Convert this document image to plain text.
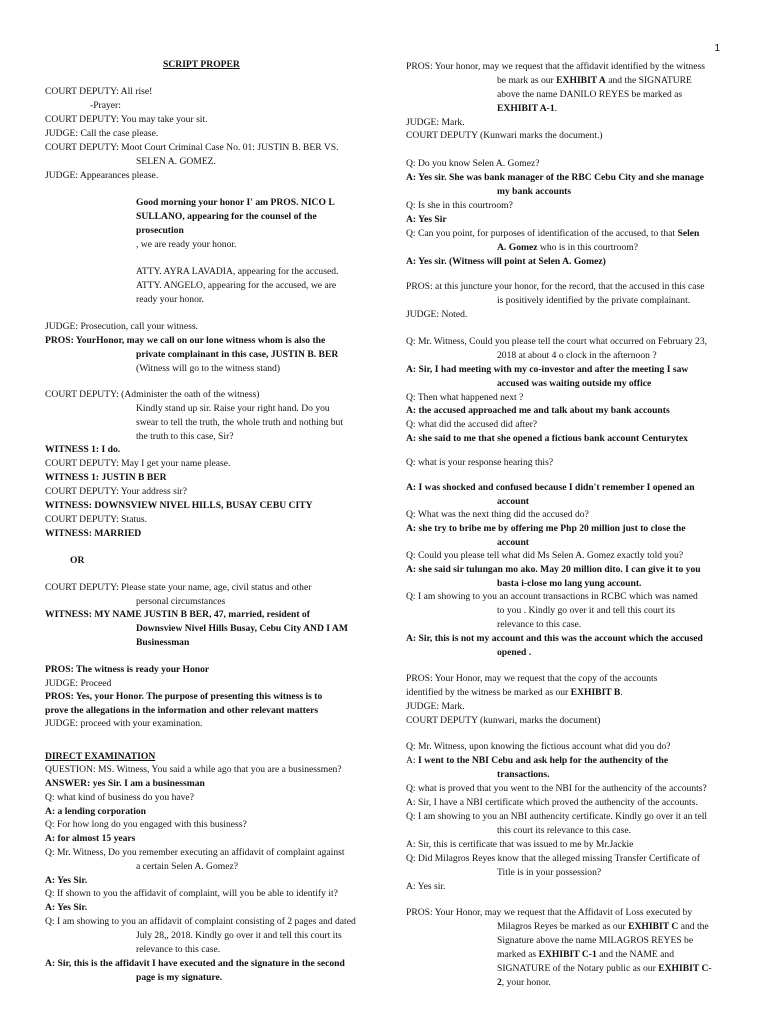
1
SCRIPT PROPER
COURT DEPUTY: All rise!
-Prayer:
COURT DEPUTY: You may take your sit.
JUDGE: Call the case please.
COURT DEPUTY: Moot Court Criminal Case No. 01: JUSTIN B. BER VS.
SELEN A. GOMEZ.
JUDGE: Appearances please.
Good morning your honor I' am PROS. NICO L
SULLANO, appearing for the counsel of the
prosecution
, we are ready your honor.
ATTY. AYRA LAVADIA, appearing for the accused.
ATTY. ANGELO, appearing for the accused, we are
ready your honor.
JUDGE: Prosecution, call your witness.
PROS: YourHonor, may we call on our lone witness whom is also the
private complainant in this case, JUSTIN B. BER
(Witness will go to the witness stand)
COURT DEPUTY: (Administer the oath of the witness)
Kindly stand up sir. Raise your right hand. Do you
swear to tell the truth, the whole truth and nothing but
the truth to this case, Sir?
WITNESS 1: I do.
COURT DEPUTY: May I get your name please.
WITNESS 1: JUSTIN B BER
COURT DEPUTY: Your address sir?
WITNESS: DOWNSVIEW NIVEL HILLS, BUSAY CEBU CITY
COURT DEPUTY: Status.
WITNESS: MARRIED
OR
COURT DEPUTY: Please state your name, age, civil status and other
personal circumstances
WITNESS: MY NAME JUSTIN B BER, 47, married, resident of
Downsview Nivel Hills Busay, Cebu City AND I AM
Businessman
PROS: The witness is ready your Honor
JUDGE: Proceed
PROS: Yes, your Honor. The purpose of presenting this witness is to
prove the allegations in the information and other relevant matters
JUDGE: proceed with your examination.
DIRECT EXAMINATION
QUESTION: MS. Witness, You said a while ago that you are a businessmen?
ANSWER: yes Sir. I am a businessman
Q: what kind of business do you have?
A: a lending corporation
Q: For how long do you engaged with this business?
A: for almost 15 years
Q: Mr. Witness, Do you remember executing an affidavit of complaint against
a certain Selen A. Gomez?
A: Yes Sir.
Q: If shown to you the affidavit of complaint, will you be able to identify it?
A: Yes Sir.
Q: I am showing to you an affidavit of complaint consisting of 2 pages and dated
July 28,, 2018. Kindly go over it and tell this court its
relevance to this case.
A: Sir, this is the affidavit I have executed and the signature in the second
page is my signature.
PROS: Your honor, may we request that the affidavit identified by the witness
be mark as our EXHIBIT A and the SIGNATURE
above the name DANILO REYES be marked as
EXHIBIT A-1.
JUDGE: Mark.
COURT DEPUTY (Kunwari marks the document.)
Q: Do you know Selen A. Gomez?
A: Yes sir. She was bank manager of the RBC Cebu City and she manage
my bank accounts
Q: Is she in this courtroom?
A: Yes Sir
Q: Can you point, for purposes of identification of the accused, to that Selen
A. Gomez who is in this courtroom?
A: Yes sir. (Witness will point at Selen A. Gomez)
PROS: at this juncture your honor, for the record, that the accused in this case
is positively identified by the private complainant.
JUDGE: Noted.
Q: Mr. Witness, Could you please tell the court what occurred on February 23,
2018 at about 4 o clock in the afternoon ?
A: Sir, I had meeting with my co-investor and after the meeting I saw
accused was waiting outside my office
Q: Then what happened next ?
A: the accused approached me and talk about my bank accounts
Q: what did the accused did after?
A: she said to me that she opened a fictious bank account Centurytex
Q: what is your response hearing this?
A: I was shocked and confused because I didn't remember I opened an
account
Q: What was the next thing did the accused do?
A: she try to bribe me by offering me Php 20 million just to close the
account
Q: Could you please tell what did Ms Selen A. Gomez exactly told you?
A: she said sir tulungan mo ako. May 20 million dito. I can give it to you
basta i-close mo lang yung account.
Q: I am showing to you an account transactions in RCBC which was named
to you . Kindly go over it and tell this court its
relevance to this case.
A: Sir, this is not my account and this was the account which the accused
opened .
PROS: Your Honor, may we request that the copy of the accounts
identified by the witness be marked as our EXHIBIT B.
JUDGE: Mark.
COURT DEPUTY (kunwari, marks the document)
Q: Mr. Witness, upon knowing the fictious account what did you do?
A: I went to the NBI Cebu and ask help for the authencity of the
transactions.
Q: what is proved that you went to the NBI for the authencity of the accounts?
A: Sir, I have a NBI certificate which proved the authencity of the accounts.
Q: I am showing to you an NBI authencity certificate. Kindly go over it an tell
this court its relevance to this case.
A: Sir, this is certificate that was issued to me by Mr.Jackie
Q: Did Milagros Reyes know that the alleged missing Transfer Certificate of
Title is in your possession?
A: Yes sir.
PROS: Your Honor, may we request that the Affidavit of Loss executed by
Milagros Reyes be marked as our EXHIBIT C and the
Signature above the name MILAGROS REYES be
marked as EXHIBIT C-1 and the NAME and
SIGNATURE of the Notary public as our EXHIBIT C-
2, your honor.
